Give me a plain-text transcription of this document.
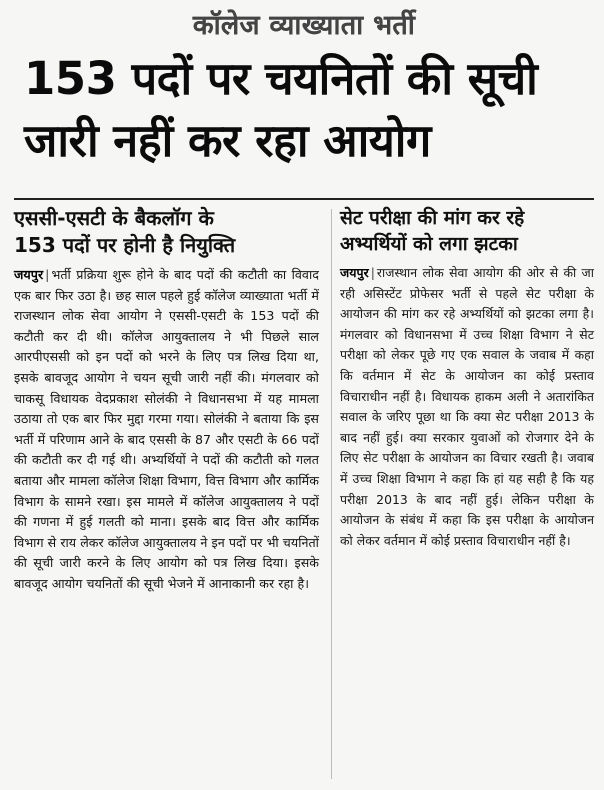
कॉलेज व्याख्याता भर्ती
153 पदों पर चयनितों की सूची
जारी नहीं कर रहा आयोग
एससी-एसटी के बैकलॉग के
153 पदों पर होनी है नियुक्ति
जयपुर | भर्ती प्रक्रिया शुरू होने के बाद पदों की कटौती का विवाद एक बार फिर उठा है। छह साल पहले हुई कॉलेज व्याख्याता भर्ती में राजस्थान लोक सेवा आयोग ने एससी-एसटी के 153 पदों की कटौती कर दी थी। कॉलेज आयुक्तालय ने भी पिछले साल आरपीएससी को इन पदों को भरने के लिए पत्र लिख दिया था, इसके बावजूद आयोग ने चयन सूची जारी नहीं की। मंगलवार को चाकसू विधायक वेदप्रकाश सोलंकी ने विधानसभा में यह मामला उठाया तो एक बार फिर मुद्दा गरमा गया। सोलंकी ने बताया कि इस भर्ती में परिणाम आने के बाद एससी के 87 और एसटी के 66 पदों की कटौती कर दी गई थी। अभ्यर्थियों ने पदों की कटौती को गलत बताया और मामला कॉलेज शिक्षा विभाग, वित्त विभाग और कार्मिक विभाग के सामने रखा। इस मामले में कॉलेज आयुक्तालय ने पदों की गणना में हुई गलती को माना। इसके बाद वित्त और कार्मिक विभाग से राय लेकर कॉलेज आयुक्तालय ने इन पदों पर भी चयनितों की सूची जारी करने के लिए आयोग को पत्र लिख दिया। इसके बावजूद आयोग चयनितों की सूची भेजने में आनाकानी कर रहा है।
सेट परीक्षा की मांग कर रहे
अभ्यर्थियों को लगा झटका
जयपुर | राजस्थान लोक सेवा आयोग की ओर से की जा रही असिस्टेंट प्रोफेसर भर्ती से पहले सेट परीक्षा के आयोजन की मांग कर रहे अभ्यर्थियों को झटका लगा है। मंगलवार को विधानसभा में उच्च शिक्षा विभाग ने सेट परीक्षा को लेकर पूछे गए एक सवाल के जवाब में कहा कि वर्तमान में सेट के आयोजन का कोई प्रस्ताव विचाराधीन नहीं है। विधायक हाकम अली ने अतारांकित सवाल के जरिए पूछा था कि क्या सेट परीक्षा 2013 के बाद नहीं हुई। क्या सरकार युवाओं को रोजगार देने के लिए सेट परीक्षा के आयोजन का विचार रखती है। जवाब में उच्च शिक्षा विभाग ने कहा कि हां यह सही है कि यह परीक्षा 2013 के बाद नहीं हुई। लेकिन परीक्षा के आयोजन के संबंध में कहा कि इस परीक्षा के आयोजन को लेकर वर्तमान में कोई प्रस्ताव विचाराधीन नहीं है।
